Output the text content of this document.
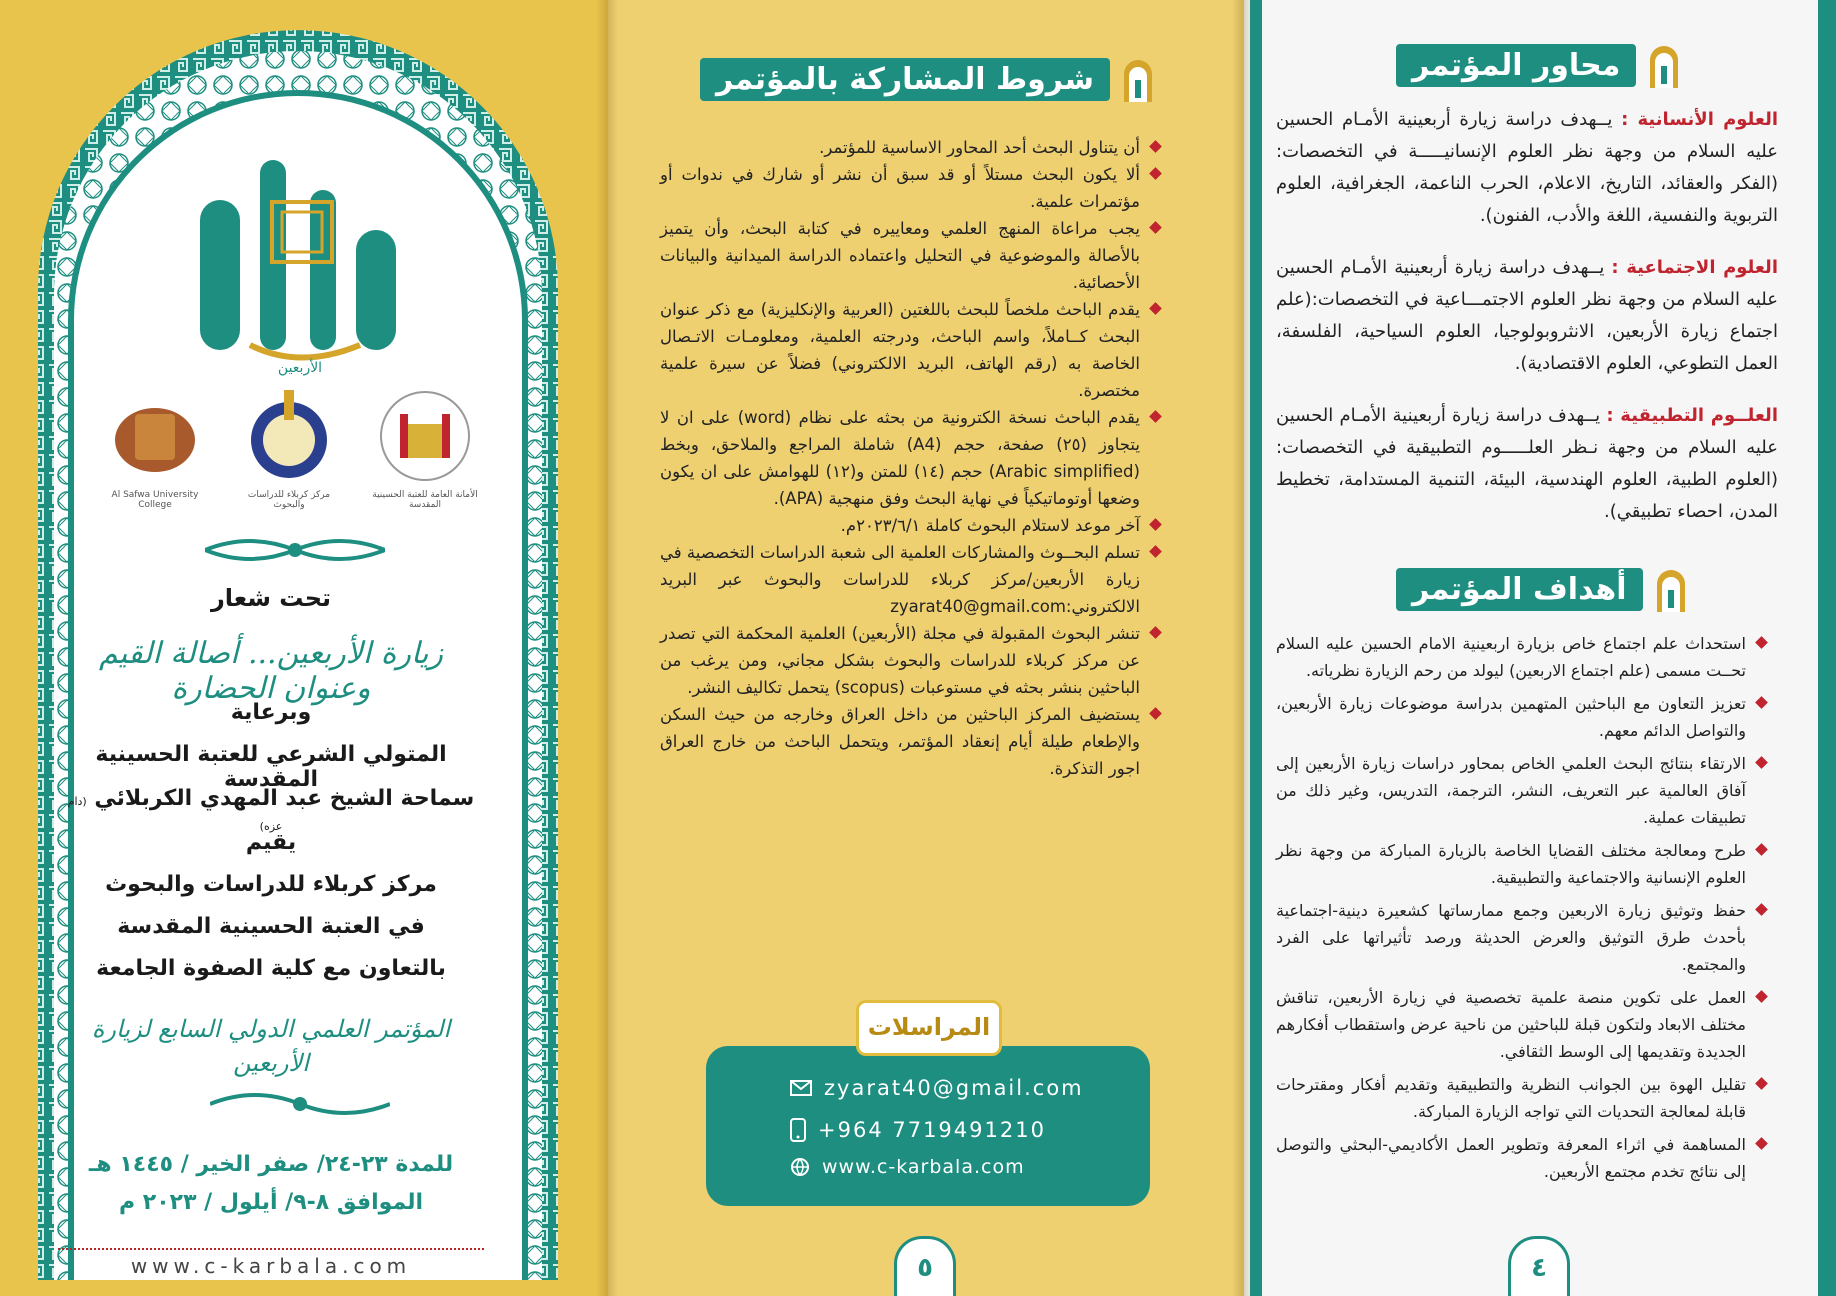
الأربعين
الأمانة العامة للعتبة الحسينية المقدسة
مركز كربلاء للدراسات والبحوث
Al Safwa University College
تحت شعار
زيارة الأربعين... أصالة القيم وعنوان الحضارة
وبرعاية
المتولي الشرعي للعتبة الحسينية المقدسة
سماحة الشيخ عبد المهدي الكربلائي (دام عزه)
يقيم
مركز كربلاء للدراسات والبحوث
في العتبة الحسينية المقدسة
بالتعاون مع كلية الصفوة الجامعة
المؤتمر العلمي الدولي السابع لزيارة الأربعين
للمدة ٢٣-٢٤/ صفر الخير / ١٤٤٥ هـ
الموافق ٨-٩/ أيلول / ٢٠٢٣ م
www.c-karbala.com
شروط المشاركة بالمؤتمر
أن يتناول البحث أحد المحاور الاساسية للمؤتمر.
ألا يكون البحث مستلاً أو قد سبق أن نشر أو شارك في ندوات أو مؤتمرات علمية.
يجب مراعاة المنهج العلمي ومعاييره في كتابة البحث، وأن يتميز بالأصالة والموضوعية في التحليل واعتماده الدراسة الميدانية والبيانات الأحصائية.
يقدم الباحث ملخصاً للبحث باللغتين (العربية والإنكليزية) مع ذكر عنوان البحث كــاملاً، واسم الباحث، ودرجته العلمية، ومعلومـات الاتـصال الخاصة به (رقم الهاتف، البريد الالكتروني) فضلاً عن سيرة علمية مختصرة.
يقدم الباحث نسخة الكترونية من بحثه على نظام (word) على ان لا يتجاوز (٢٥) صفحة، حجم (A4) شاملة المراجع والملاحق، وبخط (Arabic simplified) حجم (١٤) للمتن و(١٢) للهوامش على ان يكون وضعها أوتوماتيكياً في نهاية البحث وفق منهجية (APA).
آخر موعد لاستلام البحوث كاملة ٢٠٢٣/٦/١م.
تسلم البحــوث والمشاركات العلمية الى شعبة الدراسات التخصصية في زيارة الأربعين/مركز كربلاء للدراسات والبحوث عبر البريد الالكتروني:zyarat40@gmail.com
تنشر البحوث المقبولة في مجلة (الأربعين) العلمية المحكمة التي تصدر عن مركز كربلاء للدراسات والبحوث بشكل مجاني، ومن يرغب من الباحثين بنشر بحثه في مستوعبات (scopus) يتحمل تكاليف النشر.
يستضيف المركز الباحثين من داخل العراق وخارجه من حيث السكن والإطعام طيلة أيام إنعقاد المؤتمر، ويتحمل الباحث من خارج العراق اجور التذكرة.
zyarat40@gmail.com
+964 7719491210
www.c-karbala.com
المراسلات
٥
محاور المؤتمر
العلوم الأنسانية : يــهدف دراسة زيارة أربعينية الأمـام الحسين عليه السلام من وجهة نظر العلوم الإنسانيـــــة في التخصصات:(الفكر والعقائد، التاريخ، الاعلام، الحرب الناعمة، الجغرافية، العلوم التربوية والنفسية، اللغة والأدب، الفنون).
العلوم الاجتماعية : يــهدف دراسة زيارة أربعينية الأمـام الحسين عليه السلام من وجهة نظر العلوم الاجتمـــاعية في التخصصات:(علم اجتماع زيارة الأربعين، الانثروبولوجيا، العلوم السياحية، الفلسفة، العمل التطوعي، العلوم الاقتصادية).
العلــوم التطبيقية : يــهدف دراسة زيارة أربعينية الأمـام الحسين عليه السلام من وجهة نـظر العلـــــوم التطبيقية في التخصصات:(العلوم الطبية، العلوم الهندسية، البيئة، التنمية المستدامة، تخطيط المدن، احصاء تطبيقي).
أهداف المؤتمر
استحداث علم اجتماع خاص بزيارة اربعينية الامام الحسين عليه السلام تحــت مسمى (علم اجتماع الاربعين) ليولد من رحم الزيارة نظرياته.
تعزيز التعاون مع الباحثين المتهمين بدراسة موضوعات زيارة الأربعين، والتواصل الدائم معهم.
الارتقاء بنتائج البحث العلمي الخاص بمحاور دراسات زيارة الأربعين إلى آفاق العالمية عبر التعريف، النشر، الترجمة، التدريس، وغير ذلك من تطبيقات عملية.
طرح ومعالجة مختلف القضايا الخاصة بالزيارة المباركة من وجهة نظر العلوم الإنسانية والاجتماعية والتطبيقية.
حفظ وتوثيق زيارة الاربعين وجمع ممارساتها كشعيرة دينية-اجتماعية بأحدث طرق التوثيق والعرض الحديثة ورصد تأثيراتها على الفرد والمجتمع.
العمل على تكوين منصة علمية تخصصية في زيارة الأربعين، تناقش مختلف الابعاد ولتكون قبلة للباحثين من ناحية عرض واستقطاب أفكارهم الجديدة وتقديمها إلى الوسط الثقافي.
تقليل الهوة بين الجوانب النظرية والتطبيقية وتقديم أفكار ومقترحات قابلة لمعالجة التحديات التي تواجه الزيارة المباركة.
المساهمة في اثراء المعرفة وتطوير العمل الأكاديمي-البحثي والتوصل إلى نتائج تخدم مجتمع الأربعين.
٤
